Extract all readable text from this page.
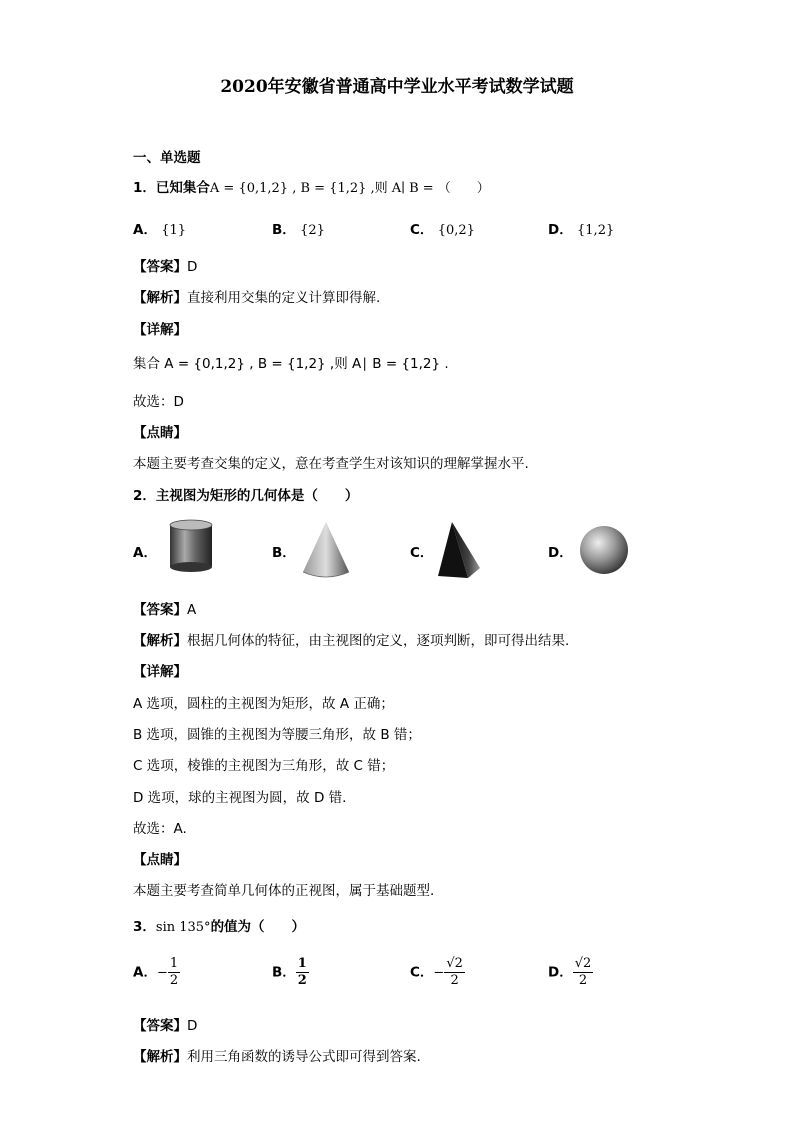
2020年安徽省普通高中学业水平考试数学试题
一、单选题
1．已知集合A = {0,1,2} , B = {1,2} ,则 A∣ B = （　　）
A． {1}	B． {2}	C． {0,2}	D． {1,2}
【答案】D
【解析】直接利用交集的定义计算即得解.
【详解】
集合 A = {0,1,2} , B = {1,2} ,则 A∣ B = {1,2} .
故选：D
【点睛】
本题主要考查交集的定义，意在考查学生对该知识的理解掌握水平.
2．主视图为矩形的几何体是（　　）
A．	B．	C．	D．
【答案】A
【解析】根据几何体的特征，由主视图的定义，逐项判断，即可得出结果.
【详解】
A 选项，圆柱的主视图为矩形，故 A 正确；
B 选项，圆锥的主视图为等腰三角形，故 B 错；
C 选项，棱锥的主视图为三角形，故 C 错；
D 选项，球的主视图为圆，故 D 错.
故选：A.
【点睛】
本题主要考查简单几何体的正视图，属于基础题型.
3．sin 135°的值为（　　）
A．− $\frac{1}{2}$	B． $\frac{1}{2}$	C．− $\frac{√2}{2}$	D． $\frac{√2}{2}$
【答案】D
【解析】利用三角函数的诱导公式即可得到答案.
